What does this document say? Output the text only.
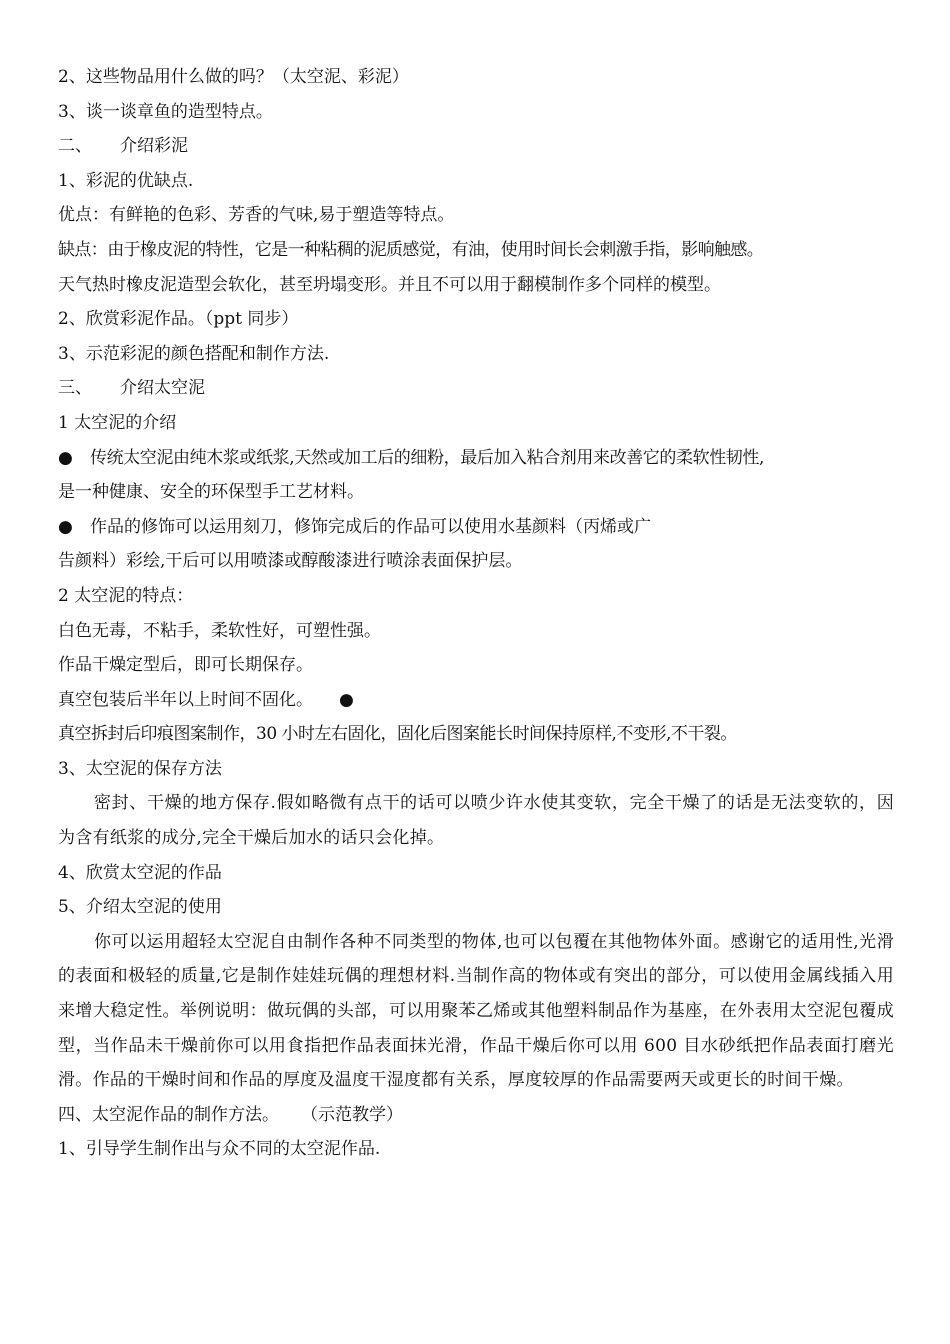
2、这些物品用什么做的吗？（太空泥、彩泥）
3、谈一谈章鱼的造型特点。
二、 介绍彩泥
1、彩泥的优缺点.
优点：有鲜艳的色彩、芳香的气味,易于塑造等特点。
缺点：由于橡皮泥的特性，它是一种粘稠的泥质感觉，有油，使用时间长会刺激手指，影响触感。
天气热时橡皮泥造型会软化，甚至坍塌变形。并且不可以用于翻模制作多个同样的模型。
2、欣赏彩泥作品。（ppt 同步）
3、示范彩泥的颜色搭配和制作方法.
三、 介绍太空泥
1 太空泥的介绍
● 传统太空泥由纯木浆或纸浆,天然或加工后的细粉，最后加入粘合剂用来改善它的柔软性韧性,
是一种健康、安全的环保型手工艺材料。
● 作品的修饰可以运用刻刀，修饰完成后的作品可以使用水基颜料（丙烯或广
告颜料）彩绘,干后可以用喷漆或醇酸漆进行喷涂表面保护层。
2 太空泥的特点：
白色无毒，不粘手，柔软性好，可塑性强。
作品干燥定型后，即可长期保存。
真空包装后半年以上时间不固化。 ●
真空拆封后印痕图案制作，30 小时左右固化，固化后图案能长时间保持原样,不变形,不干裂。
3、太空泥的保存方法
密封、干燥的地方保存.假如略微有点干的话可以喷少许水使其变软，完全干燥了的话是无法变软的，因为含有纸浆的成分,完全干燥后加水的话只会化掉。
4、欣赏太空泥的作品
5、介绍太空泥的使用
你可以运用超轻太空泥自由制作各种不同类型的物体,也可以包覆在其他物体外面。感谢它的适用性,光滑的表面和极轻的质量,它是制作娃娃玩偶的理想材料.当制作高的物体或有突出的部分，可以使用金属线插入用来增大稳定性。举例说明：做玩偶的头部，可以用聚苯乙烯或其他塑料制品作为基座，在外表用太空泥包覆成型，当作品未干燥前你可以用食指把作品表面抹光滑，作品干燥后你可以用 600 目水砂纸把作品表面打磨光滑。作品的干燥时间和作品的厚度及温度干湿度都有关系，厚度较厚的作品需要两天或更长的时间干燥。
四、太空泥作品的制作方法。 （示范教学）
1、引导学生制作出与众不同的太空泥作品.
